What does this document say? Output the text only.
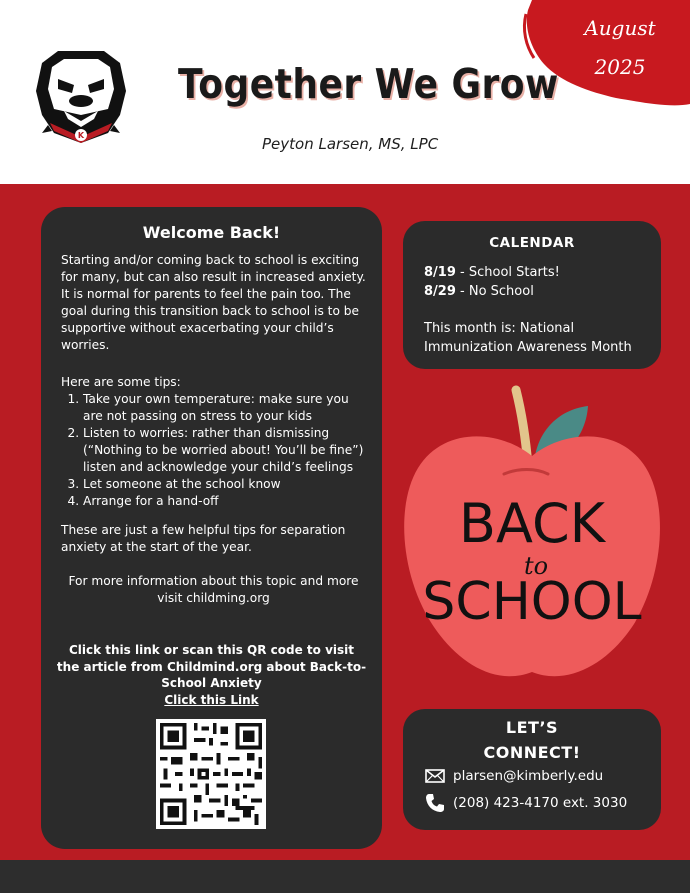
K
Together We Grow
Peyton Larsen, MS, LPC
August
2025
Welcome Back!
Starting and/or coming back to school is exciting for many, but can also result in increased anxiety. It is normal for parents to feel the pain too. The goal during this transition back to school is to be supportive without exacerbating your child’s worries.
Here are some tips:
1. Take your own temperature: make sure you are not passing on stress to your kids
2. Listen to worries: rather than dismissing (“Nothing to be worried about! You’ll be fine”) listen and acknowledge your child’s feelings
3. Let someone at the school know
4. Arrange for a hand-off
These are just a few helpful tips for separation anxiety at the start of the year.
For more information about this topic and more visit childming.org
Click this link or scan this QR code to visit the article from Childmind.org about Back-to-School Anxiety
Click this Link
CALENDAR
8/19 - School Starts!
8/29 - No School
This month is: National Immunization Awareness Month
BACK
to
SCHOOL
LET’S
CONNECT!
plarsen@kimberly.edu
(208) 423-4170 ext. 3030
